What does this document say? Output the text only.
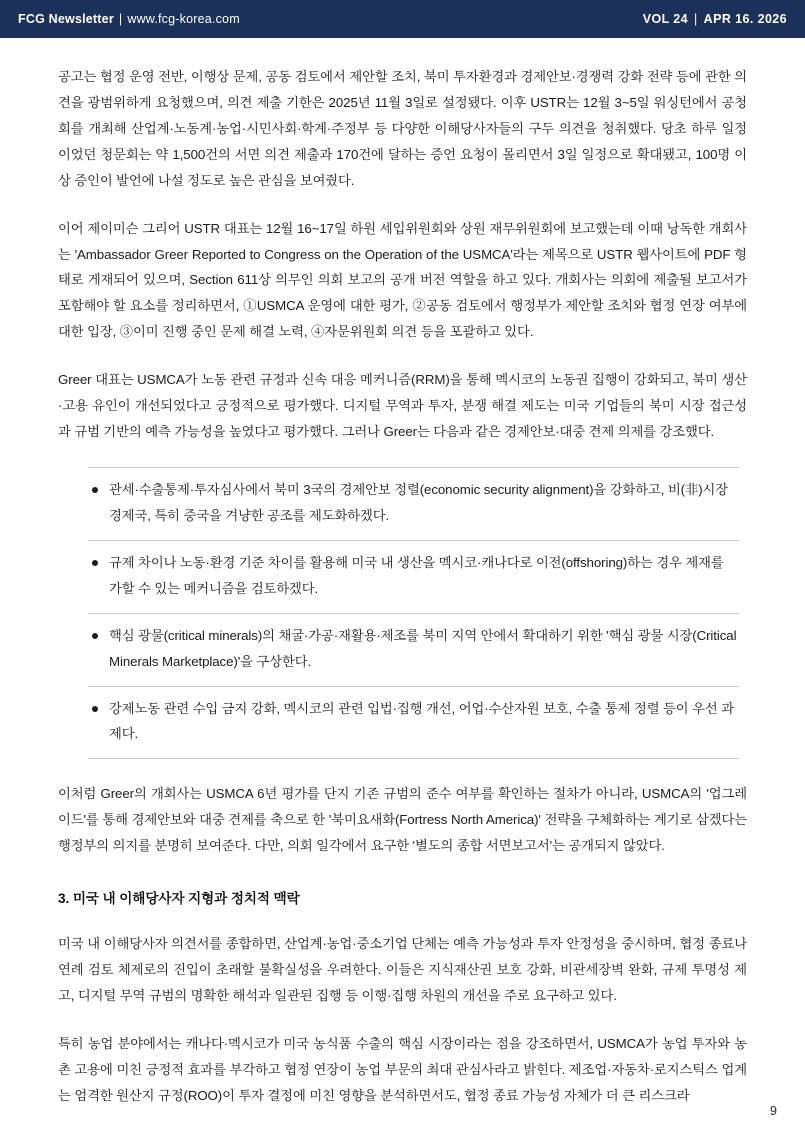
FCG Newsletter | www.fcg-korea.com	VOL 24 | APR 16. 2026

공고는 협정 운영 전반, 이행상 문제, 공동 검토에서 제안할 조치, 북미 투자환경과 경제안보·경쟁력 강화 전략 등에 관한 의견을 광범위하게 요청했으며, 의견 제출 기한은 2025년 11월 3일로 설정됐다. 이후 USTR는 12월 3~5일 워싱턴에서 공청회를 개최해 산업계·노동계·농업·시민사회·학계·주정부 등 다양한 이해당사자들의 구두 의견을 청취했다. 당초 하루 일정이었던 청문회는 약 1,500건의 서면 의견 제출과 170건에 달하는 증언 요청이 몰리면서 3일 일정으로 확대됐고, 100명 이상 증인이 발언에 나설 정도로 높은 관심을 보여줬다.

이어 제이미슨 그리어 USTR 대표는 12월 16~17일 하원 세입위원회와 상원 재무위원회에 보고했는데 이때 낭독한 개회사는 'Ambassador Greer Reported to Congress on the Operation of the USMCA'라는 제목으로 USTR 웹사이트에 PDF 형태로 게재되어 있으며, Section 611상 의무인 의회 보고의 공개 버전 역할을 하고 있다. 개회사는 의회에 제출될 보고서가 포함해야 할 요소를 정리하면서, ①USMCA 운영에 대한 평가, ②공동 검토에서 행정부가 제안할 조치와 협정 연장 여부에 대한 입장, ③이미 진행 중인 문제 해결 노력, ④자문위원회 의견 등을 포괄하고 있다.

Greer 대표는 USMCA가 노동 관련 규정과 신속 대응 메커니즘(RRM)을 통해 멕시코의 노동권 집행이 강화되고, 북미 생산·고용 유인이 개선되었다고 긍정적으로 평가했다. 디지털 무역과 투자, 분쟁 해결 제도는 미국 기업들의 북미 시장 접근성과 규범 기반의 예측 가능성을 높였다고 평가했다. 그러나 Greer는 다음과 같은 경제안보·대중 견제 의제를 강조했다.

관세·수출통제·투자심사에서 북미 3국의 경제안보 정렬(economic security alignment)을 강화하고, 비(非)시장경제국, 특히 중국을 겨냥한 공조를 제도화하겠다.
규제 차이나 노동·환경 기준 차이를 활용해 미국 내 생산을 멕시코·캐나다로 이전(offshoring)하는 경우 제재를 가할 수 있는 메커니즘을 검토하겠다.
핵심 광물(critical minerals)의 채굴·가공·재활용·제조를 북미 지역 안에서 확대하기 위한 '핵심 광물 시장(Critical Minerals Marketplace)'을 구상한다.
강제노동 관련 수입 금지 강화, 멕시코의 관련 입법·집행 개선, 어업·수산자원 보호, 수출 통제 정렬 등이 우선 과제다.

이처럼 Greer의 개회사는 USMCA 6년 평가를 단지 기존 규범의 준수 여부를 확인하는 절차가 아니라, USMCA의 '업그레이드'를 통해 경제안보와 대중 견제를 축으로 한 '북미요새화(Fortress North America)' 전략을 구체화하는 계기로 삼겠다는 행정부의 의지를 분명히 보여준다. 다만, 의회 일각에서 요구한 '별도의 종합 서면보고서'는 공개되지 않았다.

3. 미국 내 이해당사자 지형과 정치적 맥락

미국 내 이해당사자 의견서를 종합하면, 산업계·농업·중소기업 단체는 예측 가능성과 투자 안정성을 중시하며, 협정 종료나 연례 검토 체제로의 진입이 초래할 불확실성을 우려한다. 이들은 지식재산권 보호 강화, 비관세장벽 완화, 규제 투명성 제고, 디지털 무역 규범의 명확한 해석과 일관된 집행 등 이행·집행 차원의 개선을 주로 요구하고 있다.

특히 농업 분야에서는 캐나다·멕시코가 미국 농식품 수출의 핵심 시장이라는 점을 강조하면서, USMCA가 농업 투자와 농촌 고용에 미친 긍정적 효과를 부각하고 협정 연장이 농업 부문의 최대 관심사라고 밝힌다. 제조업·자동차·로지스틱스 업계는 엄격한 원산지 규정(ROO)이 투자 결정에 미친 영향을 분석하면서도, 협정 종료 가능성 자체가 더 큰 리스크라

9
